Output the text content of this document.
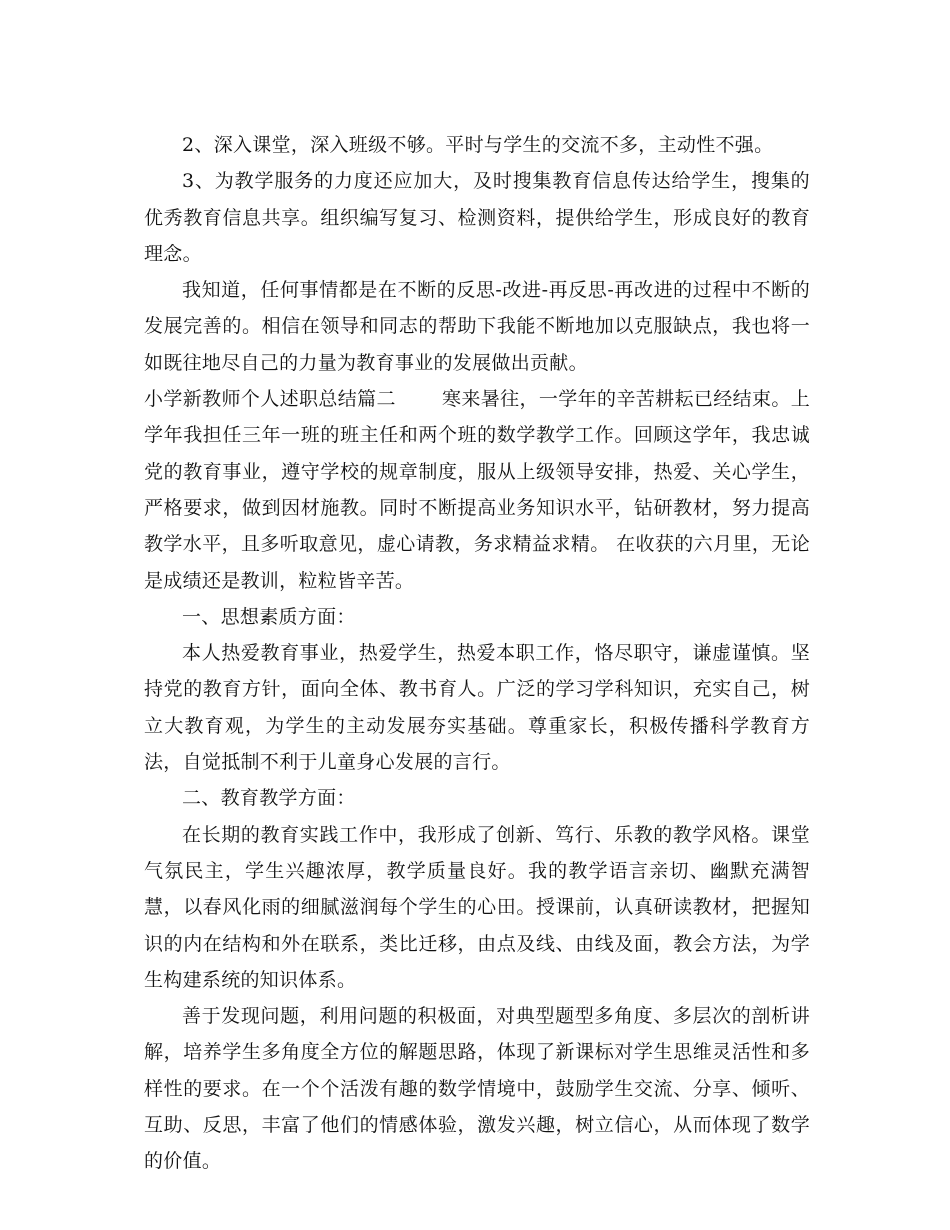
2、深入课堂，深入班级不够。平时与学生的交流不多，主动性不强。

3、为教学服务的力度还应加大，及时搜集教育信息传达给学生，搜集的优秀教育信息共享。组织编写复习、检测资料，提供给学生，形成良好的教育理念。

我知道，任何事情都是在不断的反思-改进-再反思-再改进的过程中不断的发展完善的。相信在领导和同志的帮助下我能不断地加以克服缺点，我也将一如既往地尽自己的力量为教育事业的发展做出贡献。

小学新教师个人述职总结篇二 寒来暑往，一学年的辛苦耕耘已经结束。上学年我担任三年一班的班主任和两个班的数学教学工作。回顾这学年，我忠诚党的教育事业，遵守学校的规章制度，服从上级领导安排，热爱、关心学生，严格要求，做到因材施教。同时不断提高业务知识水平，钻研教材，努力提高教学水平，且多听取意见，虚心请教，务求精益求精。 在收获的六月里，无论是成绩还是教训，粒粒皆辛苦。

一、思想素质方面：

本人热爱教育事业，热爱学生，热爱本职工作，恪尽职守，谦虚谨慎。坚持党的教育方针，面向全体、教书育人。广泛的学习学科知识，充实自己，树立大教育观，为学生的主动发展夯实基础。尊重家长，积极传播科学教育方法，自觉抵制不利于儿童身心发展的言行。

二、教育教学方面：

在长期的教育实践工作中，我形成了创新、笃行、乐教的教学风格。课堂气氛民主，学生兴趣浓厚，教学质量良好。我的教学语言亲切、幽默充满智慧，以春风化雨的细腻滋润每个学生的心田。授课前，认真研读教材，把握知识的内在结构和外在联系，类比迁移，由点及线、由线及面，教会方法，为学生构建系统的知识体系。

善于发现问题，利用问题的积极面，对典型题型多角度、多层次的剖析讲解，培养学生多角度全方位的解题思路，体现了新课标对学生思维灵活性和多样性的要求。在一个个活泼有趣的数学情境中，鼓励学生交流、分享、倾听、互助、反思，丰富了他们的情感体验，激发兴趣，树立信心，从而体现了数学的价值。
